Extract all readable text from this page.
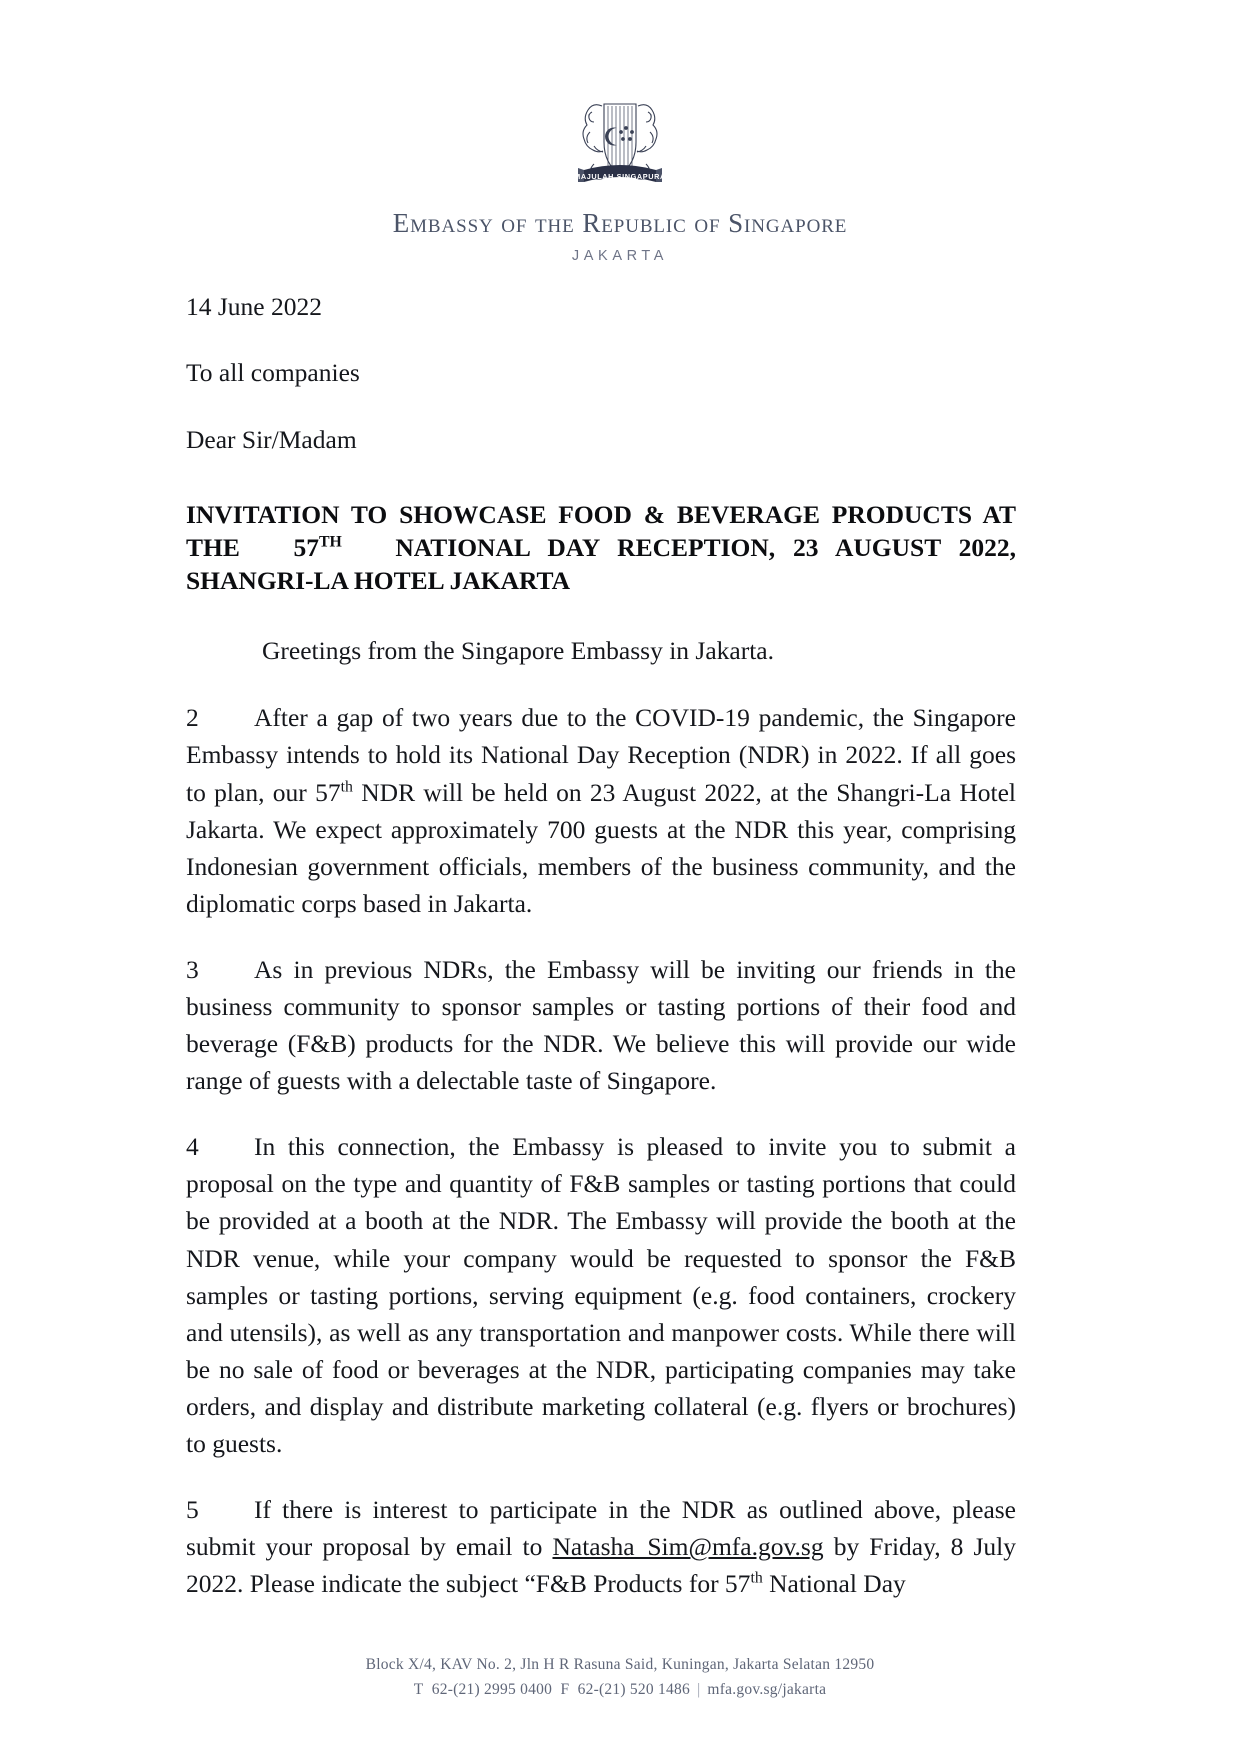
MAJULAH SINGAPURA
Embassy of the Republic of Singapore
JAKARTA
14 June 2022
To all companies
Dear Sir/Madam
INVITATION TO SHOWCASE FOOD & BEVERAGE PRODUCTS AT
THE 57TH NATIONAL DAY RECEPTION, 23 AUGUST 2022,
SHANGRI-LA HOTEL JAKARTA
Greetings from the Singapore Embassy in Jakarta.

2 After a gap of two years due to the COVID-19 pandemic, the Singapore Embassy intends to hold its National Day Reception (NDR) in 2022. If all goes to plan, our 57th NDR will be held on 23 August 2022, at the Shangri-La Hotel Jakarta. We expect approximately 700 guests at the NDR this year, comprising Indonesian government officials, members of the business community, and the diplomatic corps based in Jakarta.

3 As in previous NDRs, the Embassy will be inviting our friends in the business community to sponsor samples or tasting portions of their food and beverage (F&B) products for the NDR. We believe this will provide our wide range of guests with a delectable taste of Singapore.

4 In this connection, the Embassy is pleased to invite you to submit a proposal on the type and quantity of F&B samples or tasting portions that could be provided at a booth at the NDR. The Embassy will provide the booth at the NDR venue, while your company would be requested to sponsor the F&B samples or tasting portions, serving equipment (e.g. food containers, crockery and utensils), as well as any transportation and manpower costs. While there will be no sale of food or beverages at the NDR, participating companies may take orders, and display and distribute marketing collateral (e.g. flyers or brochures) to guests.

5 If there is interest to participate in the NDR as outlined above, please submit your proposal by email to Natasha_Sim@mfa.gov.sg by Friday, 8 July 2022. Please indicate the subject “F&B Products for 57th National Day

Block X/4, KAV No. 2, Jln H R Rasuna Said, Kuningan, Jakarta Selatan 12950
T 62-(21) 2995 0400 F 62-(21) 520 1486 | mfa.gov.sg/jakarta
